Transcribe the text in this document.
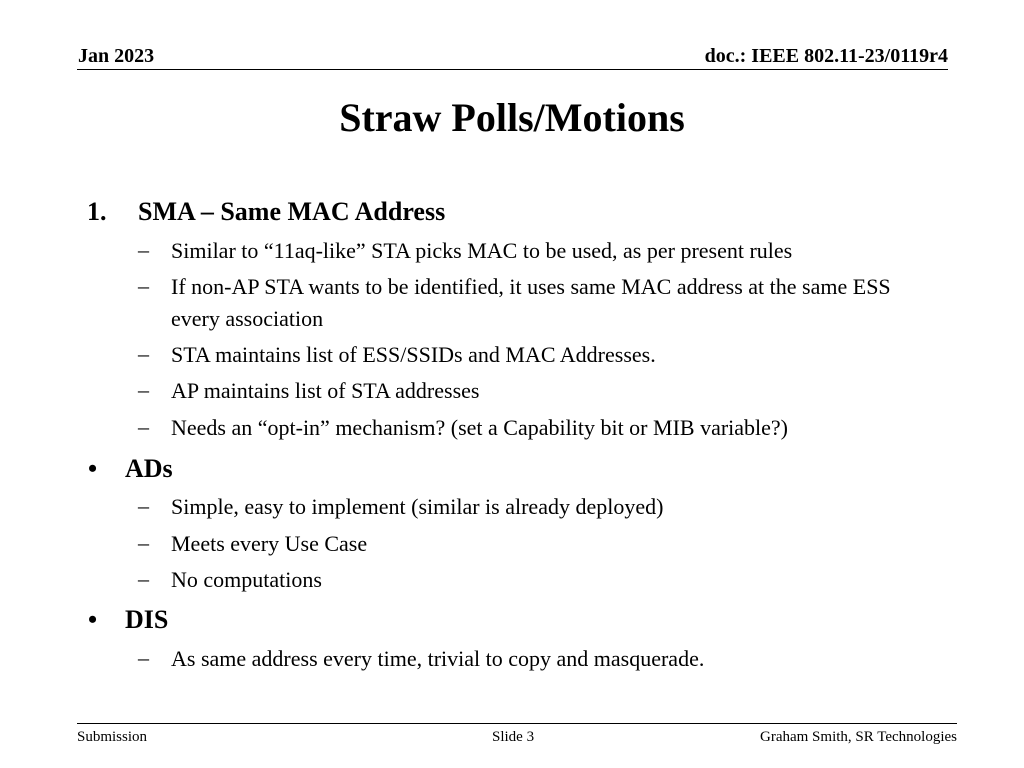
Jan 2023	doc.: IEEE 802.11-23/0119r4
Straw Polls/Motions
1. SMA – Same MAC Address
– Similar to “11aq-like” STA picks MAC to be used, as per present rules
– If non-AP STA wants to be identified, it uses same MAC address at the same ESS every association
– STA maintains list of ESS/SSIDs and MAC Addresses.
– AP maintains list of STA addresses
– Needs an “opt-in” mechanism? (set a Capability bit or MIB variable?)
• ADs
– Simple, easy to implement (similar is already deployed)
– Meets every Use Case
– No computations
• DIS
– As same address every time, trivial to copy and masquerade.
Submission	Slide 3	Graham Smith, SR Technologies
